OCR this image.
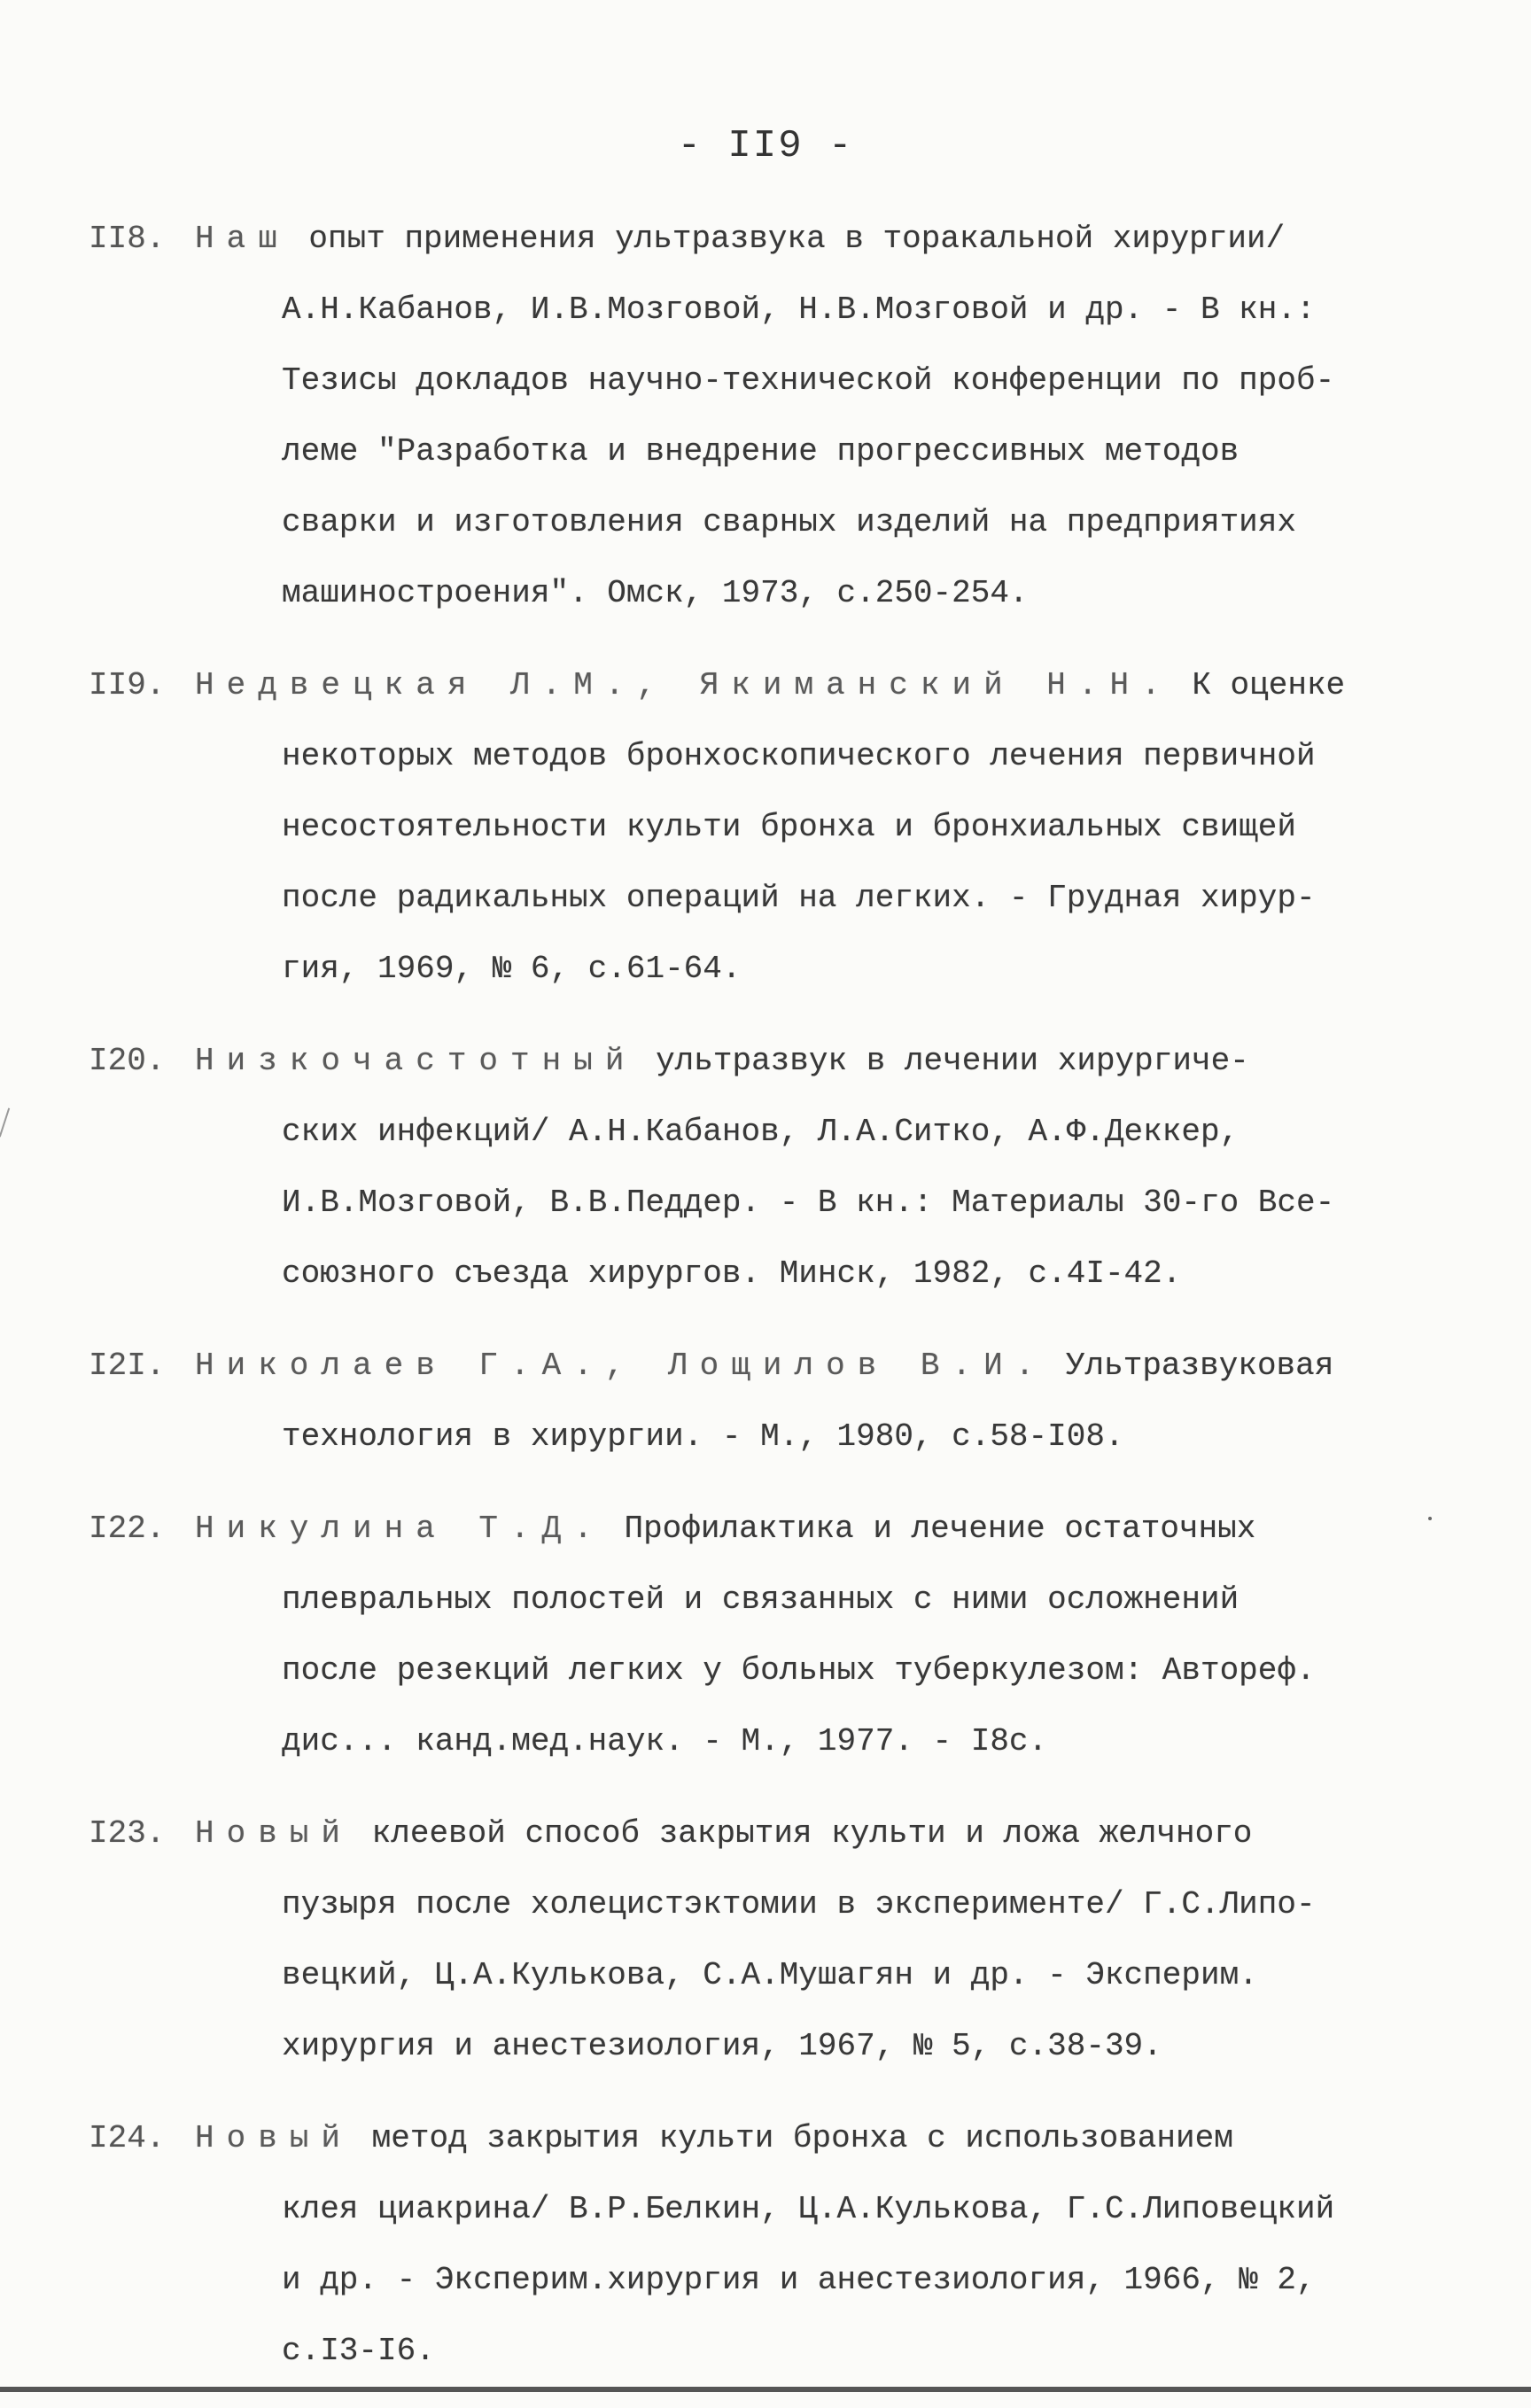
- II9 -
II8. Наш опыт применения ультразвука в торакальной хирургии/
А.Н.Кабанов, И.В.Мозговой, Н.В.Мозговой и др. - В кн.:
Тезисы докладов научно-технической конференции по проб-
леме "Разработка и внедрение прогрессивных методов
сварки и изготовления сварных изделий на предприятиях
машиностроения". Омск, 1973, с.250-254.
II9. Недвецкая Л.М., Якиманский Н.Н. К оценке
некоторых методов бронхоскопического лечения первичной
несостоятельности культи бронха и бронхиальных свищей
после радикальных операций на легких. - Грудная хирур-
гия, 1969, № 6, с.61-64.
I20. Низкочастотный ультразвук в лечении хирургиче-
ских инфекций/ А.Н.Кабанов, Л.А.Ситко, А.Ф.Деккер,
И.В.Мозговой, В.В.Педдер. - В кн.: Материалы 30-го Все-
союзного съезда хирургов. Минск, 1982, с.4I-42.
I2I. Николаев Г.А., Лощилов В.И. Ультразвуковая
технология в хирургии. - М., 1980, с.58-I08.
I22. Никулина Т.Д. Профилактика и лечение остаточных
плевральных полостей и связанных с ними осложнений
после резекций легких у больных туберкулезом: Автореф.
дис... канд.мед.наук. - М., 1977. - I8с.
I23. Новый клеевой способ закрытия культи и ложа желчного
пузыря после холецистэктомии в эксперименте/ Г.С.Липо-
вецкий, Ц.А.Кулькова, С.А.Мушагян и др. - Эксперим.
хирургия и анестезиология, 1967, № 5, с.38-39.
I24. Новый метод закрытия культи бронха с использованием
клея циакрина/ В.Р.Белкин, Ц.А.Кулькова, Г.С.Липовецкий
и др. - Эксперим.хирургия и анестезиология, 1966, № 2,
с.I3-I6.
